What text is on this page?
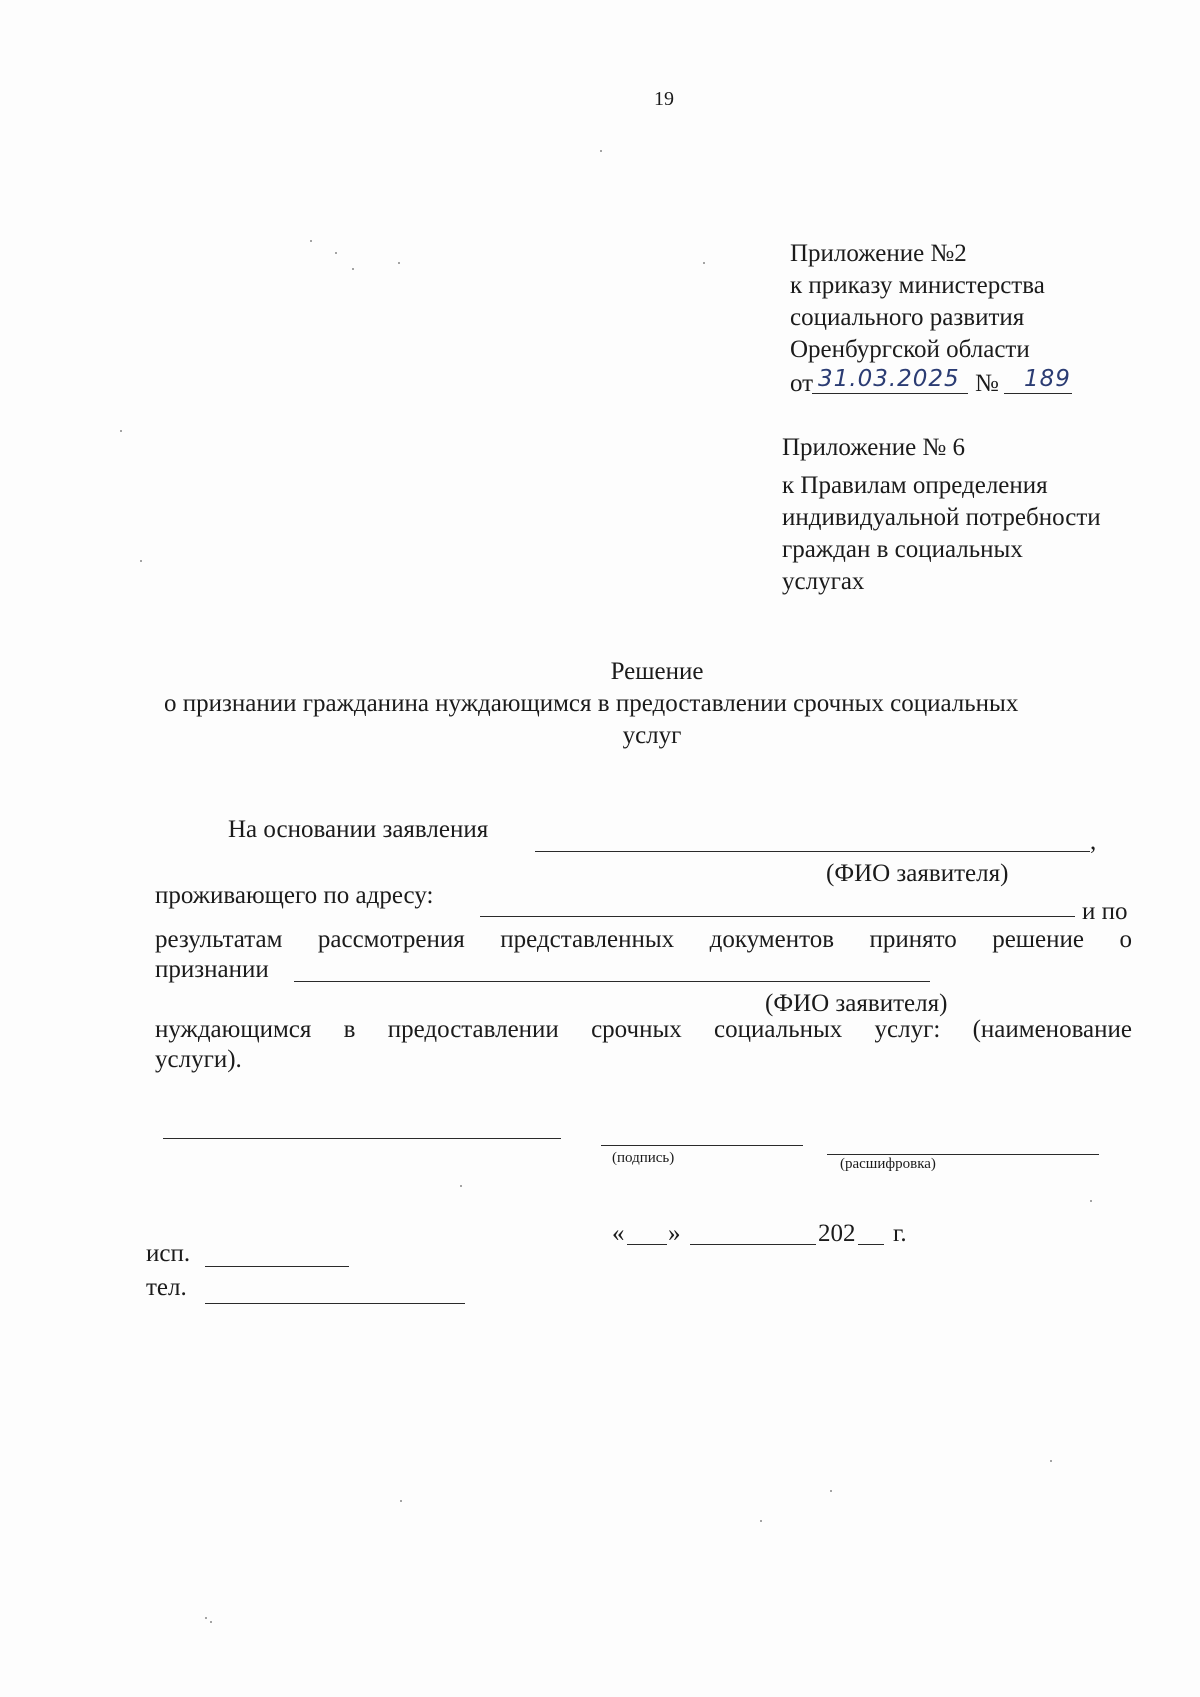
19
Приложение №2
к приказу министерства
социального развития
Оренбургской области
от 31.03.2025 № 189
Приложение № 6
к Правилам определения
индивидуальной потребности
граждан в социальных
услугах
Решение
о признании гражданина нуждающимся в предоставлении срочных социальных
услуг
На основании заявления	,
(ФИО заявителя)
проживающего по адресу:
и по
результатам рассмотрения представленных документов принято решение о
признании
(ФИО заявителя)
нуждающимся в предоставлении срочных социальных услуг: (наименование
услуги).
(подпись)	(расшифровка)
« »	202 г.
исп.
тел.
